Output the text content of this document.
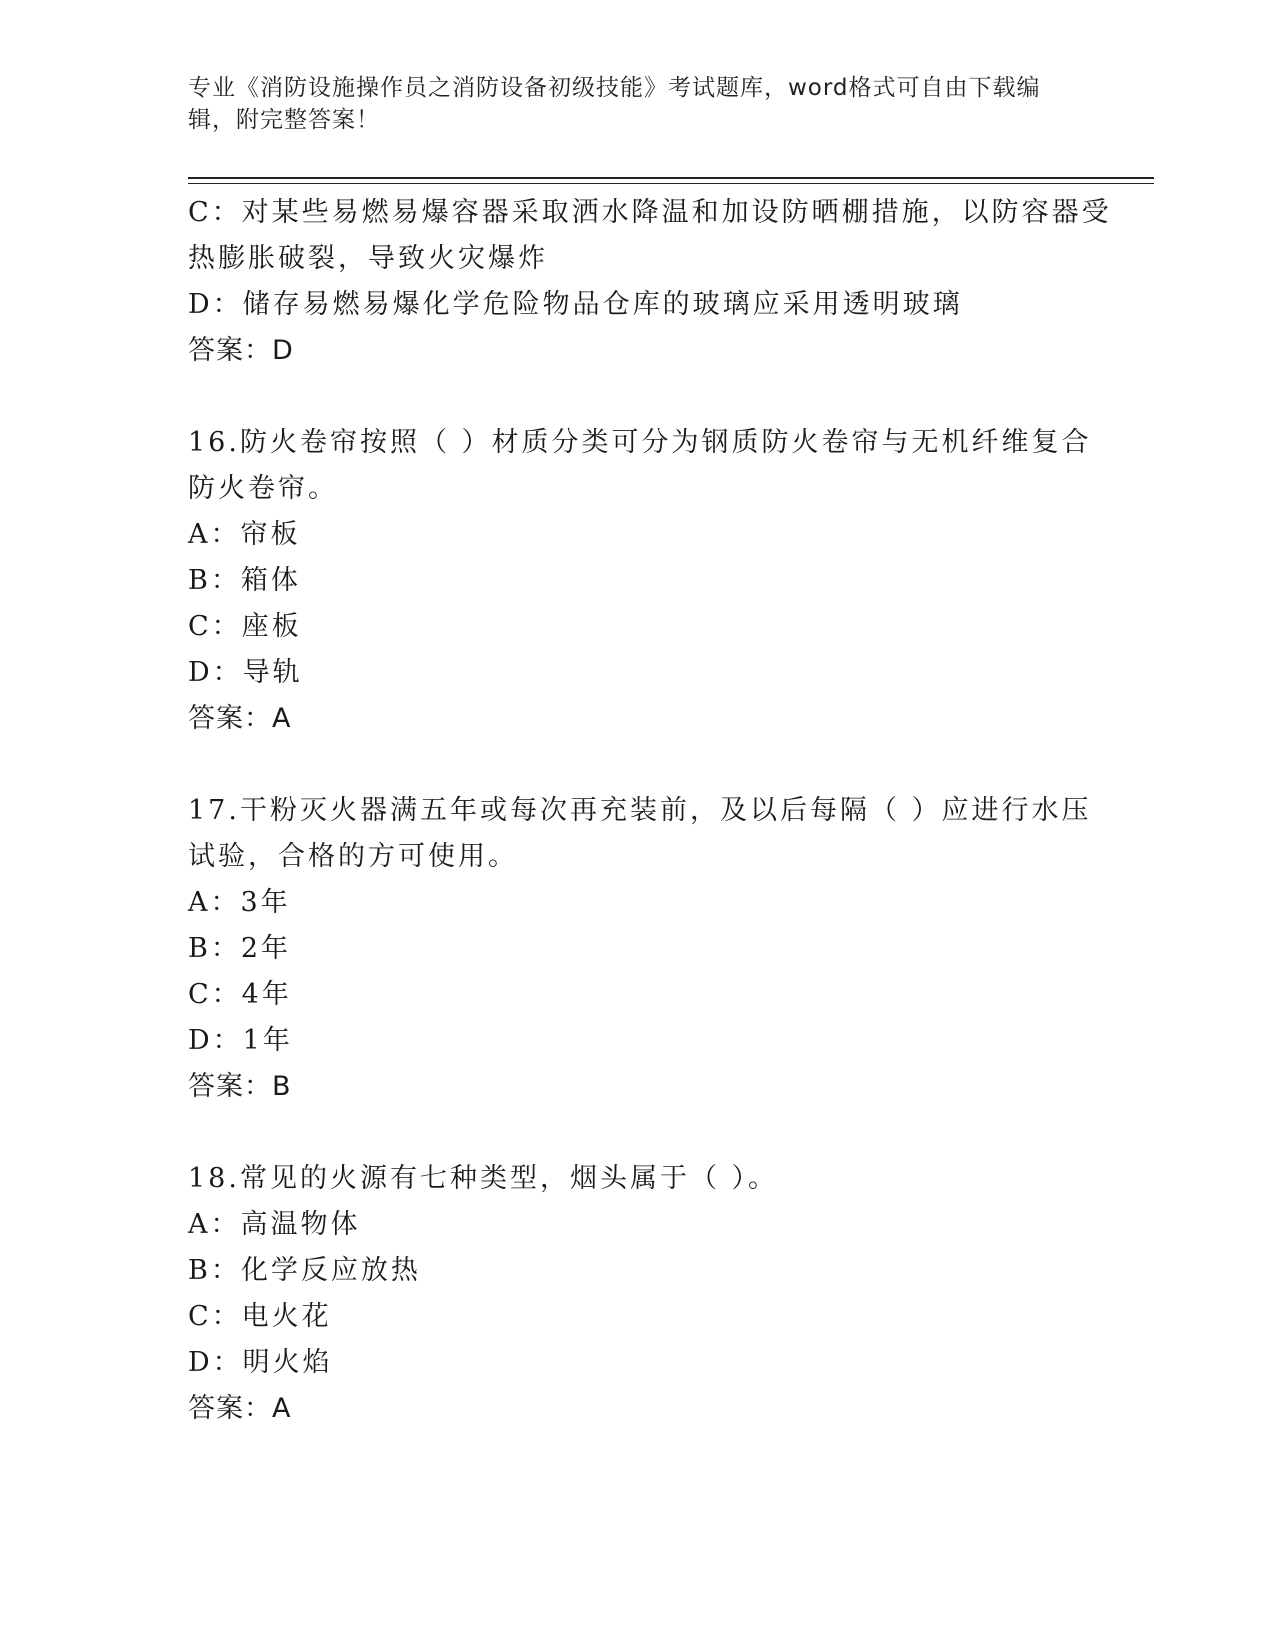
专业《消防设施操作员之消防设备初级技能》考试题库，word格式可自由下载编
辑，附完整答案！
C：对某些易燃易爆容器采取洒水降温和加设防晒棚措施，以防容器受
热膨胀破裂，导致火灾爆炸
D：储存易燃易爆化学危险物品仓库的玻璃应采用透明玻璃
答案：D
16.防火卷帘按照（ ）材质分类可分为钢质防火卷帘与无机纤维复合
防火卷帘。
A：帘板
B：箱体
C：座板
D：导轨
答案：A
17.干粉灭火器满五年或每次再充装前，及以后每隔（ ）应进行水压
试验，合格的方可使用。
A：3年
B：2年
C：4年
D：1年
答案：B
18.常见的火源有七种类型，烟头属于（ ）。
A：高温物体
B：化学反应放热
C：电火花
D：明火焰
答案：A
